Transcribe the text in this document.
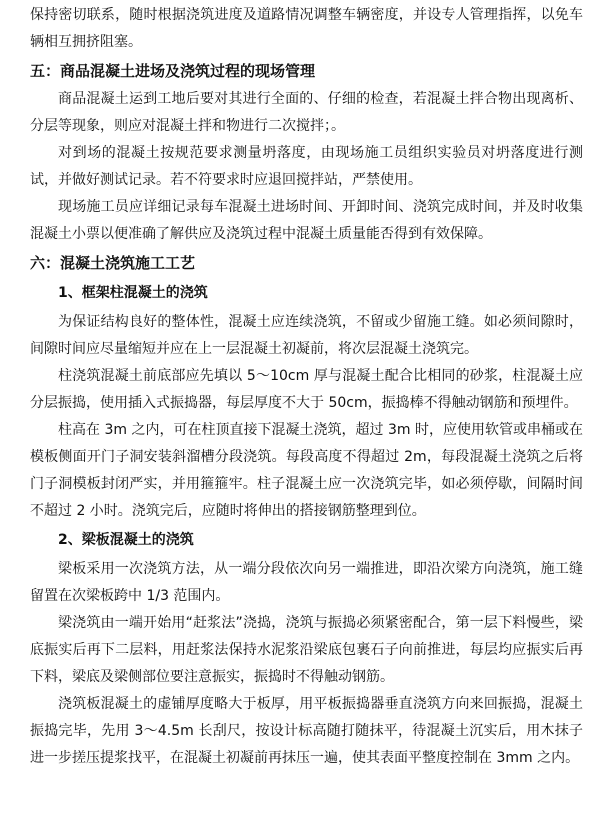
保持密切联系，随时根据浇筑进度及道路情况调整车辆密度，并设专人管理指挥，以免车辆相互拥挤阻塞。

五：商品混凝土进场及浇筑过程的现场管理

商品混凝土运到工地后要对其进行全面的、仔细的检查，若混凝土拌合物出现离析、分层等现象，则应对混凝土拌和物进行二次搅拌；。

对到场的混凝土按规范要求测量坍落度，由现场施工员组织实验员对坍落度进行测试，并做好测试记录。若不符要求时应退回搅拌站，严禁使用。

现场施工员应详细记录每车混凝土进场时间、开卸时间、浇筑完成时间，并及时收集混凝土小票以便准确了解供应及浇筑过程中混凝土质量能否得到有效保障。

六：混凝土浇筑施工工艺
1、框架柱混凝土的浇筑

为保证结构良好的整体性，混凝土应连续浇筑，不留或少留施工缝。如必须间隙时，间隙时间应尽量缩短并应在上一层混凝土初凝前，将次层混凝土浇筑完。

柱浇筑混凝土前底部应先填以 5～10cm 厚与混凝土配合比相同的砂浆，柱混凝土应分层振捣，使用插入式振捣器，每层厚度不大于 50cm，振捣棒不得触动钢筋和预埋件。

柱高在 3m 之内，可在柱顶直接下混凝土浇筑，超过 3m 时，应使用软管或串桶或在模板侧面开门子洞安装斜溜槽分段浇筑。每段高度不得超过 2m，每段混凝土浇筑之后将门子洞模板封闭严实，并用箍箍牢。柱子混凝土应一次浇筑完毕，如必须停歇，间隔时间不超过 2 小时。浇筑完后，应随时将伸出的搭接钢筋整理到位。

2、梁板混凝土的浇筑

梁板采用一次浇筑方法，从一端分段依次向另一端推进，即沿次梁方向浇筑，施工缝留置在次梁板跨中 1/3 范围内。

梁浇筑由一端开始用“赶浆法”浇捣，浇筑与振捣必须紧密配合，第一层下料慢些，梁底振实后再下二层料，用赶浆法保持水泥浆沿梁底包裹石子向前推进，每层均应振实后再下料，梁底及梁侧部位要注意振实，振捣时不得触动钢筋。

浇筑板混凝土的虚铺厚度略大于板厚，用平板振捣器垂直浇筑方向来回振捣，混凝土振捣完毕，先用 3～4.5m 长刮尺，按设计标高随打随抹平，待混凝土沉实后，用木抹子进一步搓压提浆找平，在混凝土初凝前再抹压一遍，使其表面平整度控制在 3mm 之内。
